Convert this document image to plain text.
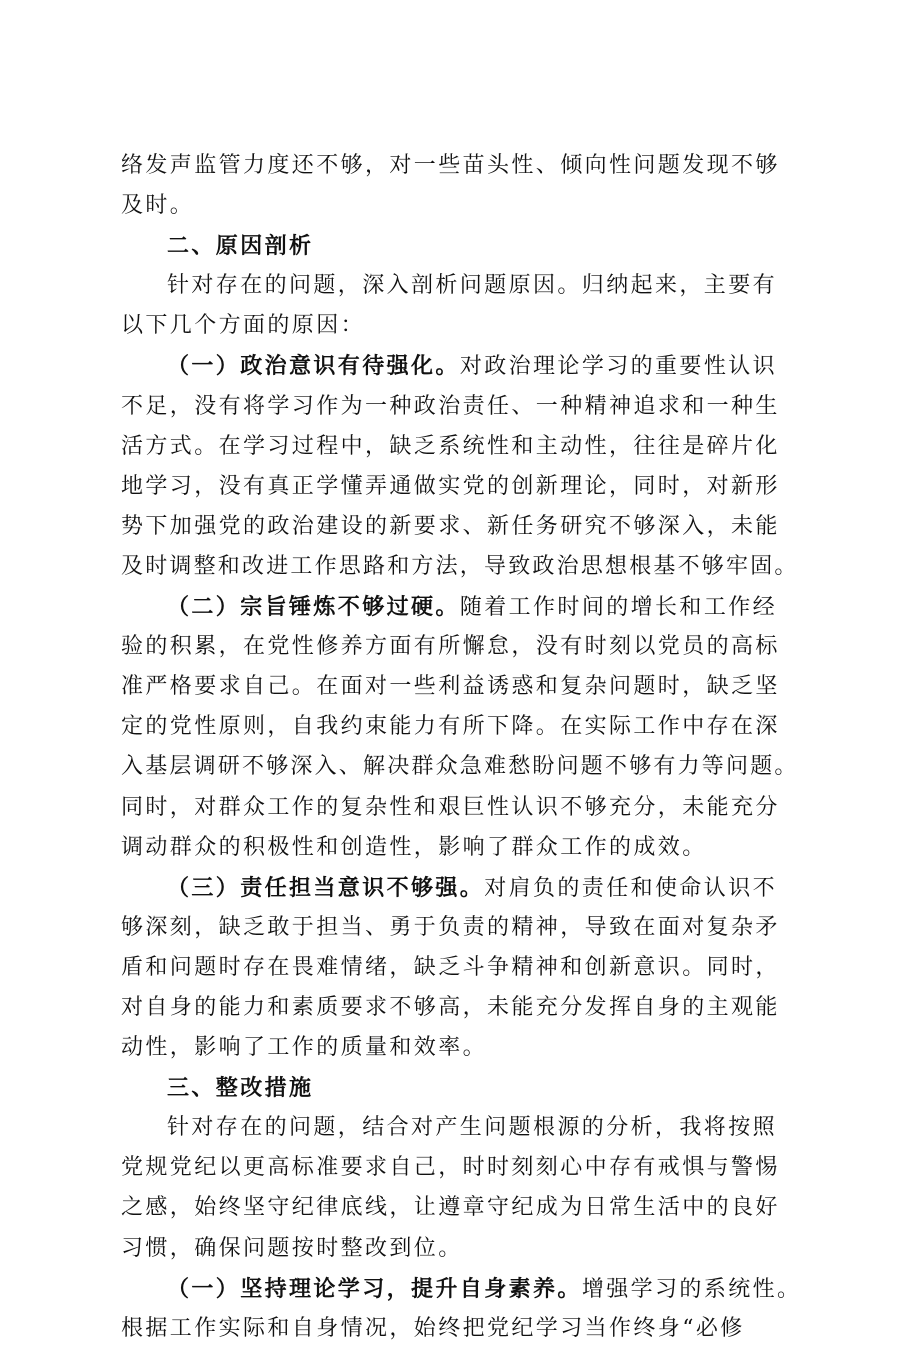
络发声监管力度还不够，对一些苗头性、倾向性问题发现不够
及时。
二、原因剖析
针对存在的问题，深入剖析问题原因。归纳起来，主要有
以下几个方面的原因：
（一）政治意识有待强化。对政治理论学习的重要性认识
不足，没有将学习作为一种政治责任、一种精神追求和一种生
活方式。在学习过程中，缺乏系统性和主动性，往往是碎片化
地学习，没有真正学懂弄通做实党的创新理论，同时，对新形
势下加强党的政治建设的新要求、新任务研究不够深入，未能
及时调整和改进工作思路和方法，导致政治思想根基不够牢固。
（二）宗旨锤炼不够过硬。随着工作时间的增长和工作经
验的积累，在党性修养方面有所懈怠，没有时刻以党员的高标
准严格要求自己。在面对一些利益诱惑和复杂问题时，缺乏坚
定的党性原则，自我约束能力有所下降。在实际工作中存在深
入基层调研不够深入、解决群众急难愁盼问题不够有力等问题。
同时，对群众工作的复杂性和艰巨性认识不够充分，未能充分
调动群众的积极性和创造性，影响了群众工作的成效。
（三）责任担当意识不够强。对肩负的责任和使命认识不
够深刻，缺乏敢于担当、勇于负责的精神，导致在面对复杂矛
盾和问题时存在畏难情绪，缺乏斗争精神和创新意识。同时，
对自身的能力和素质要求不够高，未能充分发挥自身的主观能
动性，影响了工作的质量和效率。
三、整改措施
针对存在的问题，结合对产生问题根源的分析，我将按照
党规党纪以更高标准要求自己，时时刻刻心中存有戒惧与警惕
之感，始终坚守纪律底线，让遵章守纪成为日常生活中的良好
习惯，确保问题按时整改到位。
（一）坚持理论学习，提升自身素养。增强学习的系统性。
根据工作实际和自身情况，始终把党纪学习当作终身“必修
